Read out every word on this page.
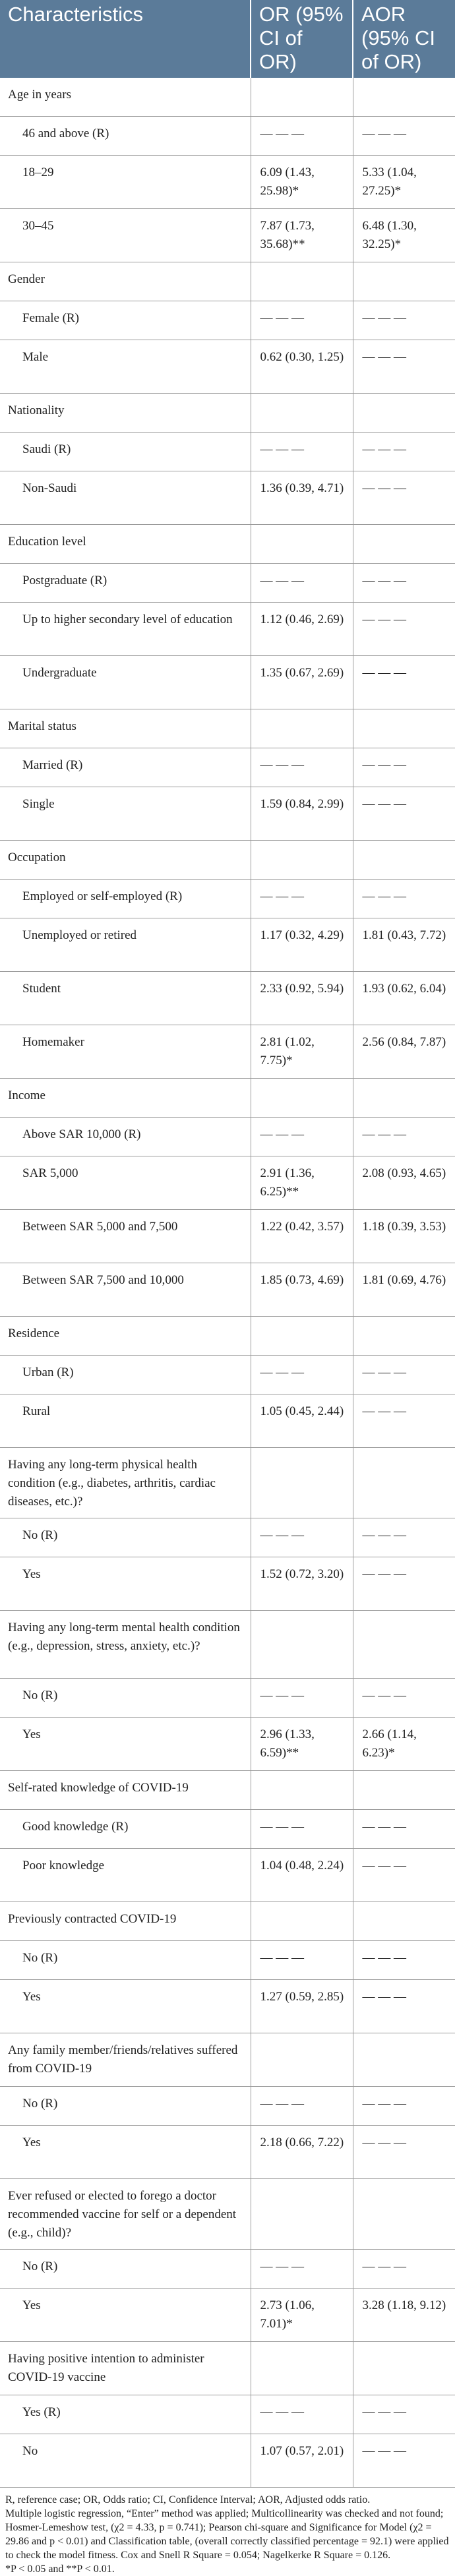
Characteristics	OR (95% CI of OR)	AOR (95% CI of OR)
Age in years		
46 and above (R)	— — —	— — —
18–29	6.09 (1.43, 25.98)*	5.33 (1.04, 27.25)*
30–45	7.87 (1.73, 35.68)**	6.48 (1.30, 32.25)*
Gender		
Female (R)	— — —	— — —
Male	0.62 (0.30, 1.25)	— — —
Nationality		
Saudi (R)	— — —	— — —
Non-Saudi	1.36 (0.39, 4.71)	— — —
Education level		
Postgraduate (R)	— — —	— — —
Up to higher secondary level of education	1.12 (0.46, 2.69)	— — —
Undergraduate	1.35 (0.67, 2.69)	— — —
Marital status		
Married (R)	— — —	— — —
Single	1.59 (0.84, 2.99)	— — —
Occupation		
Employed or self-employed (R)	— — —	— — —
Unemployed or retired	1.17 (0.32, 4.29)	1.81 (0.43, 7.72)
Student	2.33 (0.92, 5.94)	1.93 (0.62, 6.04)
Homemaker	2.81 (1.02, 7.75)*	2.56 (0.84, 7.87)
Income		
Above SAR 10,000 (R)	— — —	— — —
SAR 5,000	2.91 (1.36, 6.25)**	2.08 (0.93, 4.65)
Between SAR 5,000 and 7,500	1.22 (0.42, 3.57)	1.18 (0.39, 3.53)
Between SAR 7,500 and 10,000	1.85 (0.73, 4.69)	1.81 (0.69, 4.76)
Residence		
Urban (R)	— — —	— — —
Rural	1.05 (0.45, 2.44)	— — —
Having any long-term physical health condition (e.g., diabetes, arthritis, cardiac diseases, etc.)?		
No (R)	— — —	— — —
Yes	1.52 (0.72, 3.20)	— — —
Having any long-term mental health condition (e.g., depression, stress, anxiety, etc.)?		
No (R)	— — —	— — —
Yes	2.96 (1.33, 6.59)**	2.66 (1.14, 6.23)*
Self-rated knowledge of COVID-19		
Good knowledge (R)	— — —	— — —
Poor knowledge	1.04 (0.48, 2.24)	— — —
Previously contracted COVID-19		
No (R)	— — —	— — —
Yes	1.27 (0.59, 2.85)	— — —
Any family member/friends/relatives suffered from COVID-19		
No (R)	— — —	— — —
Yes	2.18 (0.66, 7.22)	— — —
Ever refused or elected to forego a doctor recommended vaccine for self or a dependent (e.g., child)?		
No (R)	— — —	— — —
Yes	2.73 (1.06, 7.01)*	3.28 (1.18, 9.12)
Having positive intention to administer COVID-19 vaccine		
Yes (R)	— — —	— — —
No	1.07 (0.57, 2.01)	— — —

R, reference case; OR, Odds ratio; CI, Confidence Interval; AOR, Adjusted odds ratio.

Multiple logistic regression, “Enter” method was applied; Multicollinearity was checked and not found; Hosmer-Lemeshow test, (χ2 = 4.33, p = 0.741); Pearson chi-square and Significance for Model (χ2 = 29.86 and p < 0.01) and Classification table, (overall correctly classified percentage = 92.1) were applied to check the model fitness. Cox and Snell R Square = 0.054; Nagelkerke R Square = 0.126.

*P < 0.05 and **P < 0.01.
